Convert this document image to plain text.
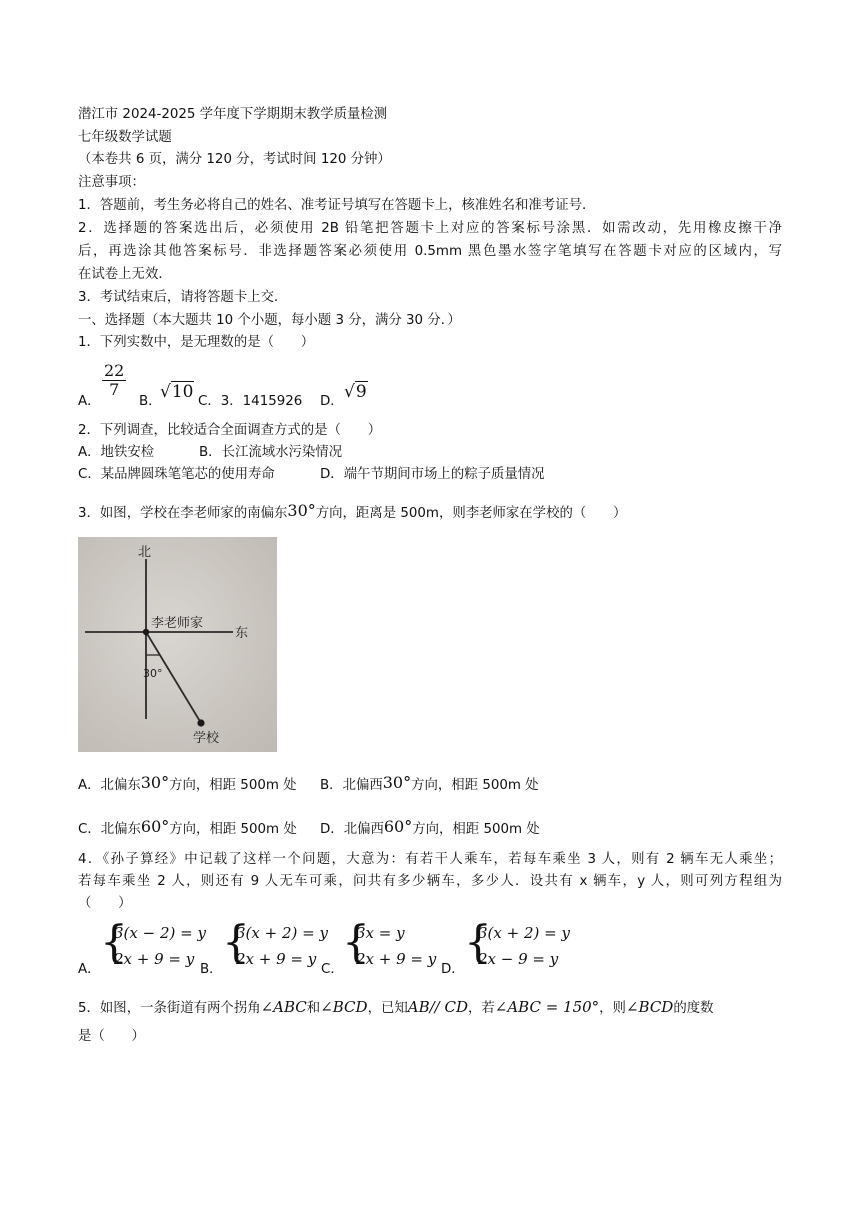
潜江市 2024-2025 学年度下学期期末教学质量检测
七年级数学试题
（本卷共 6 页，满分 120 分，考试时间 120 分钟）
注意事项：
1．答题前，考生务必将自己的姓名、准考证号填写在答题卡上，核准姓名和准考证号．
2．选择题的答案选出后，必须使用 2B 铅笔把答题卡上对应的答案标号涂黑．如需改动，先用橡皮擦干净
后，再选涂其他答案标号．非选择题答案必须使用 0.5mm 黑色墨水签字笔填写在答题卡对应的区域内，写
在试卷上无效．
3．考试结束后，请将答题卡上交．
一、选择题（本大题共 10 个小题，每小题 3 分，满分 30 分．）
1．下列实数中，是无理数的是（　　）
A．
$\frac{22}{7}$
B．
√10 C．3．1415926 D． √9
2．下列调查，比较适合全面调查方式的是（　　）
A．地铁安检	B．长江流域水污染情况
C．某品牌圆珠笔笔芯的使用寿命	D．端午节期间市场上的粽子质量情况
3．如图，学校在李老师家的南偏东30°方向，距离是 500m，则李老师家在学校的（　　）
北
东
李老师家
学校
30°
A．北偏东30°方向，相距 500m 处 B．北偏西30°方向，相距 500m 处
C．北偏东60°方向，相距 500m 处 D．北偏西60°方向，相距 500m 处
4．《孙子算经》中记载了这样一个问题，大意为：有若干人乘车，若每车乘坐 3 人，则有 2 辆车无人乘坐；
若每车乘坐 2 人，则还有 9 人无车可乘，问共有多少辆车，多少人．设共有 x 辆车，y 人，则可列方程组为
（　　）
A．
{
3(x − 2) = y
2x + 9 = y
B．
{
3(x + 2) = y
2x + 9 = y
C．
{
3x = y
2x + 9 = y
D．
{
3(x + 2) = y
2x − 9 = y
5．如图，一条街道有两个拐角∠ABC和∠BCD，已知AB// CD，若∠ABC = 150°，则∠BCD的度数
是（　　）
